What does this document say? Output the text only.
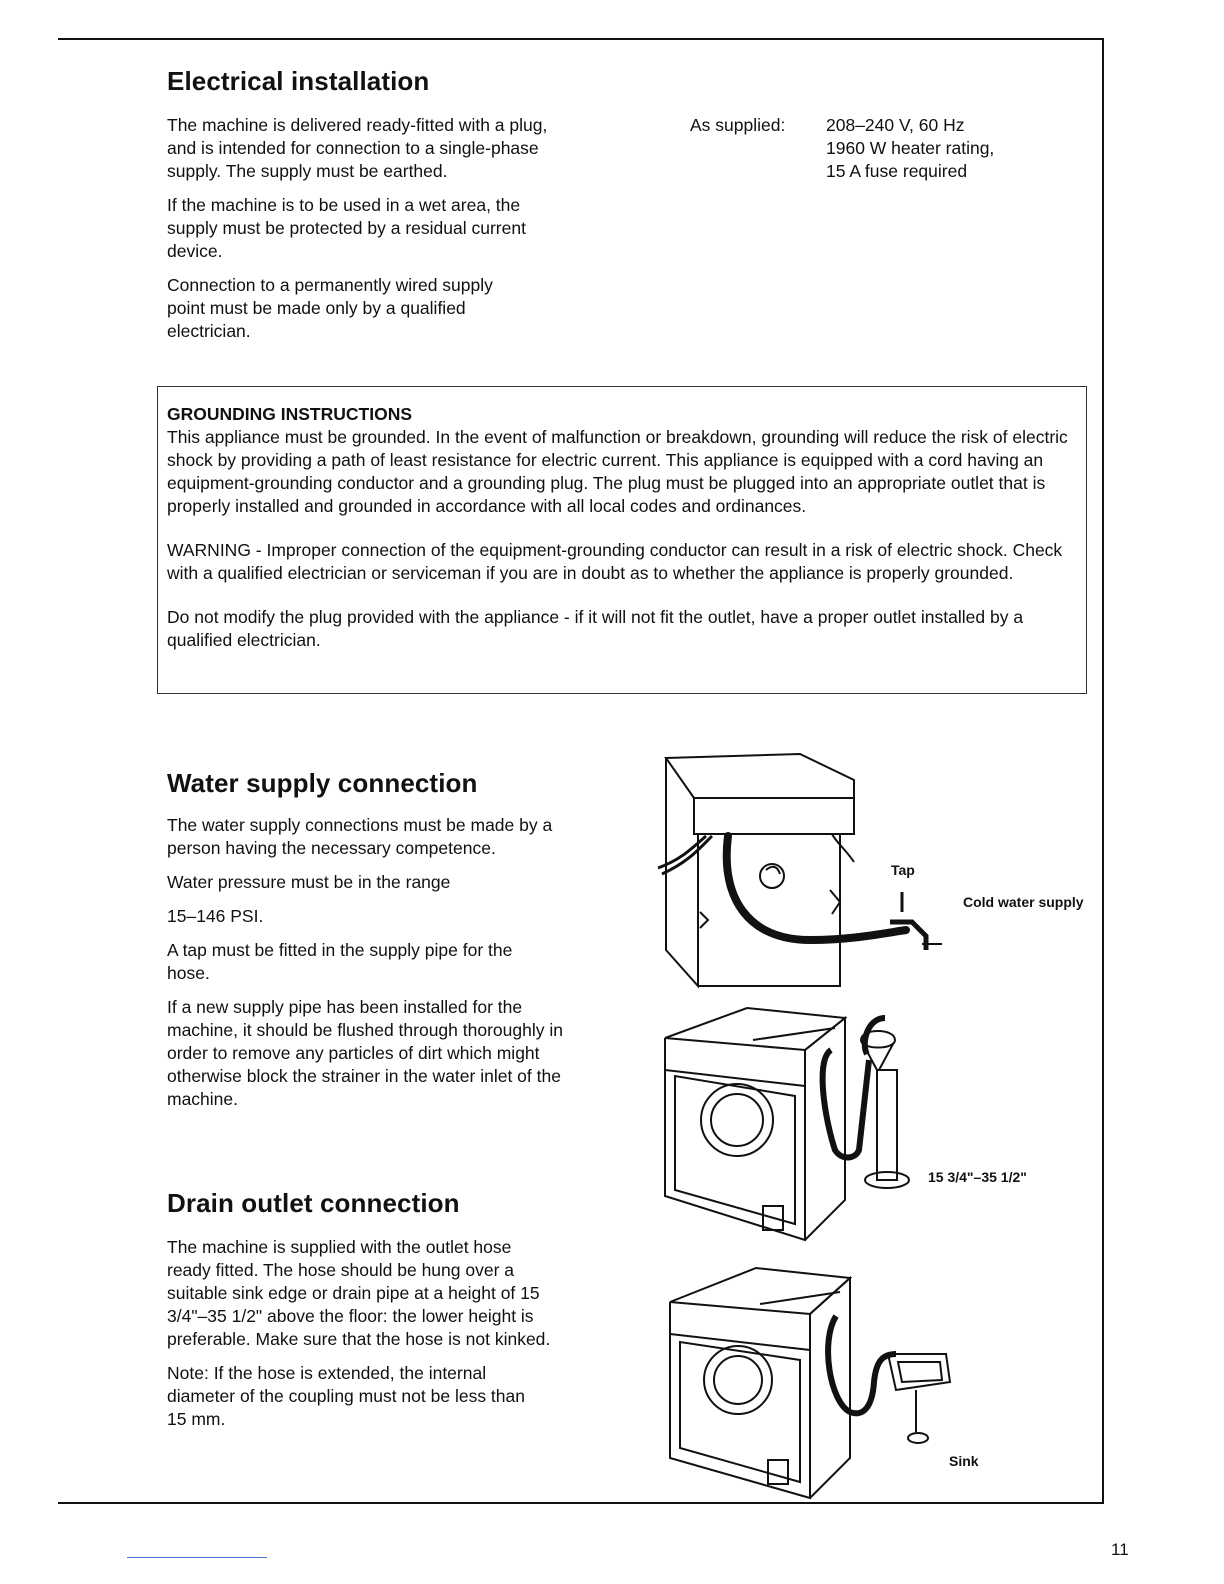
Electrical installation

The machine is delivered ready-fitted with a plug, and is intended for connection to a single-phase supply. The supply must be earthed.

If the machine is to be used in a wet area, the supply must be protected by a residual current device.

Connection to a permanently wired supply point must be made only by a qualified electrician.

As supplied: 208–240 V, 60 Hz
1960 W heater rating,
15 A fuse required
GROUNDING INSTRUCTIONS

This appliance must be grounded. In the event of malfunction or breakdown, grounding will reduce the risk of electric shock by providing a path of least resistance for electric current. This appliance is equipped with a cord having an equipment-grounding conductor and a grounding plug. The plug must be plugged into an appropriate outlet that is properly installed and grounded in accordance with all local codes and ordinances.

WARNING - Improper connection of the equipment-grounding conductor can result in a risk of electric shock. Check with a qualified electrician or serviceman if you are in doubt as to whether the appliance is properly grounded.

Do not modify the plug provided with the appliance - if it will not fit the outlet, have a proper outlet installed by a qualified electrician.

Water supply connection

The water supply connections must be made by a person having the necessary competence.

Water pressure must be in the range

15–146 PSI.

A tap must be fitted in the supply pipe for the hose.

If a new supply pipe has been installed for the machine, it should be flushed through thoroughly in order to remove any particles of dirt which might otherwise block the strainer in the water inlet of the machine.

Drain outlet connection

The machine is supplied with the outlet hose ready fitted. The hose should be hung over a suitable sink edge or drain pipe at a height of 15 3/4"–35 1/2" above the floor: the lower height is preferable. Make sure that the hose is not kinked.

Note: If the hose is extended, the internal diameter of the coupling must not be less than 15 mm.

Tap
Cold water supply
15 3/4"–35 1/2"
Sink
11
